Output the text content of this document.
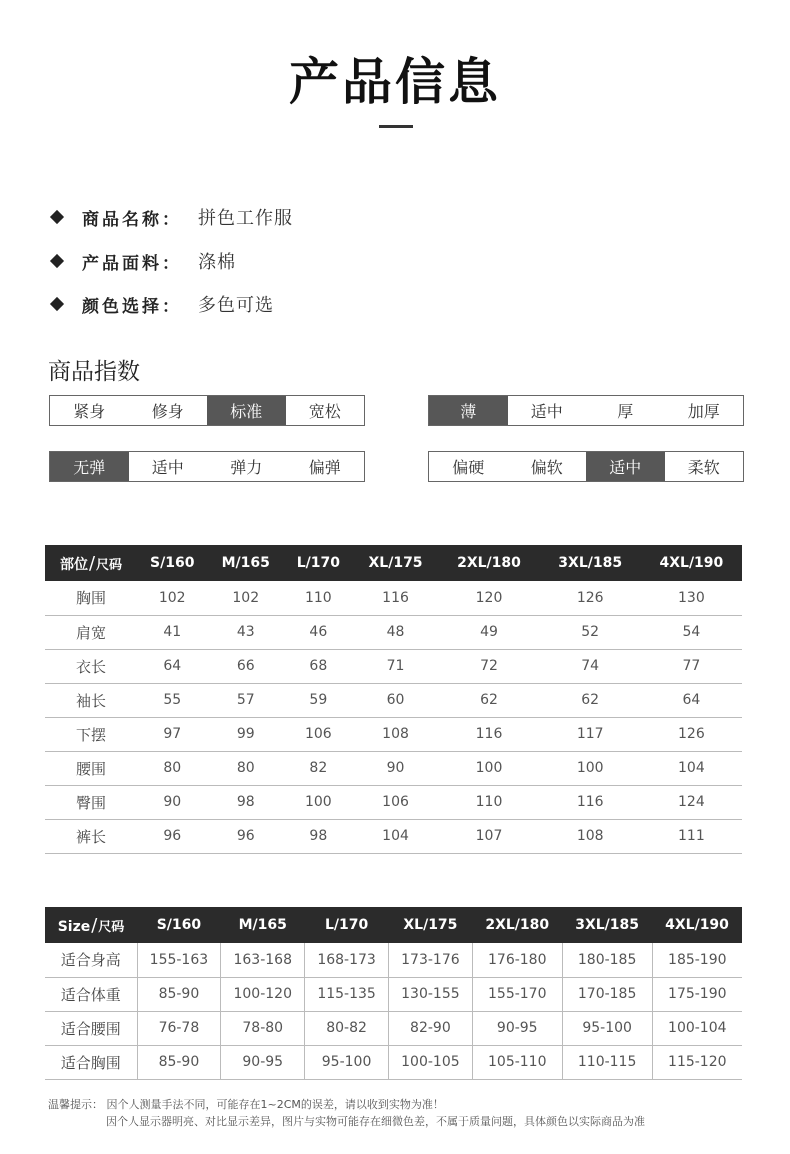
产品信息
商品名称： 拼色工作服
产品面料： 涤棉
颜色选择： 多色可选
商品指数
紧身	修身	标准	宽松	薄	适中	厚	加厚
无弹	适中	弹力	偏弹	偏硬	偏软	适中	柔软
部位/尺码	S/160	M/165	L/170	XL/175	2XL/180	3XL/185	4XL/190
胸围	102	102	110	116	120	126	130
肩宽	41	43	46	48	49	52	54
衣长	64	66	68	71	72	74	77
袖长	55	57	59	60	62	62	64
下摆	97	99	106	108	116	117	126
腰围	80	80	82	90	100	100	104
臀围	90	98	100	106	110	116	124
裤长	96	96	98	104	107	108	111
Size/尺码	S/160	M/165	L/170	XL/175	2XL/180	3XL/185	4XL/190
适合身高	155-163	163-168	168-173	173-176	176-180	180-185	185-190
适合体重	85-90	100-120	115-135	130-155	155-170	170-185	175-190
适合腰围	76-78	78-80	80-82	82-90	90-95	95-100	100-104
适合胸围	85-90	90-95	95-100	100-105	105-110	110-115	115-120
温馨提示： 因个人测量手法不同，可能存在1~2CM的误差，请以收到实物为准！
因个人显示器明亮、对比显示差异，图片与实物可能存在细微色差，不属于质量问题，具体颜色以实际商品为准
